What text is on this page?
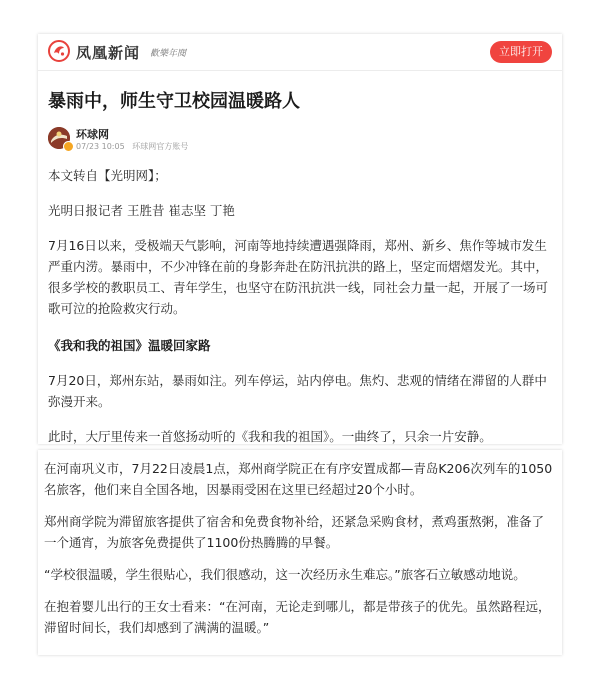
凤凰新闻 歡樂年閱	立即打开
暴雨中，师生守卫校园温暖路人
环球网
07/23 10:05 环球网官方账号

本文转自【光明网】；

光明日报记者 王胜昔 崔志坚 丁艳

7月16日以来，受极端天气影响，河南等地持续遭遇强降雨，郑州、新乡、焦作等城市发生严重内涝。暴雨中，不少冲锋在前的身影奔赴在防汛抗洪的路上，坚定而熠熠发光。其中，很多学校的教职员工、青年学生，也坚守在防汛抗洪一线，同社会力量一起，开展了一场可歌可泣的抢险救灾行动。

《我和我的祖国》温暖回家路

7月20日，郑州东站，暴雨如注。列车停运，站内停电。焦灼、悲观的情绪在滞留的人群中弥漫开来。

此时，大厅里传来一首悠扬动听的《我和我的祖国》。一曲终了，只余一片安静。

在河南巩义市，7月22日凌晨1点，郑州商学院正在有序安置成都—青岛K206次列车的1050名旅客，他们来自全国各地，因暴雨受困在这里已经超过20个小时。

郑州商学院为滞留旅客提供了宿舍和免费食物补给，还紧急采购食材，煮鸡蛋熬粥，准备了一个通宵，为旅客免费提供了1100份热腾腾的早餐。

“学校很温暖，学生很贴心，我们很感动，这一次经历永生难忘。”旅客石立敏感动地说。

在抱着婴儿出行的王女士看来：“在河南，无论走到哪儿，都是带孩子的优先。虽然路程远，滞留时间长，我们却感到了满满的温暖。”
